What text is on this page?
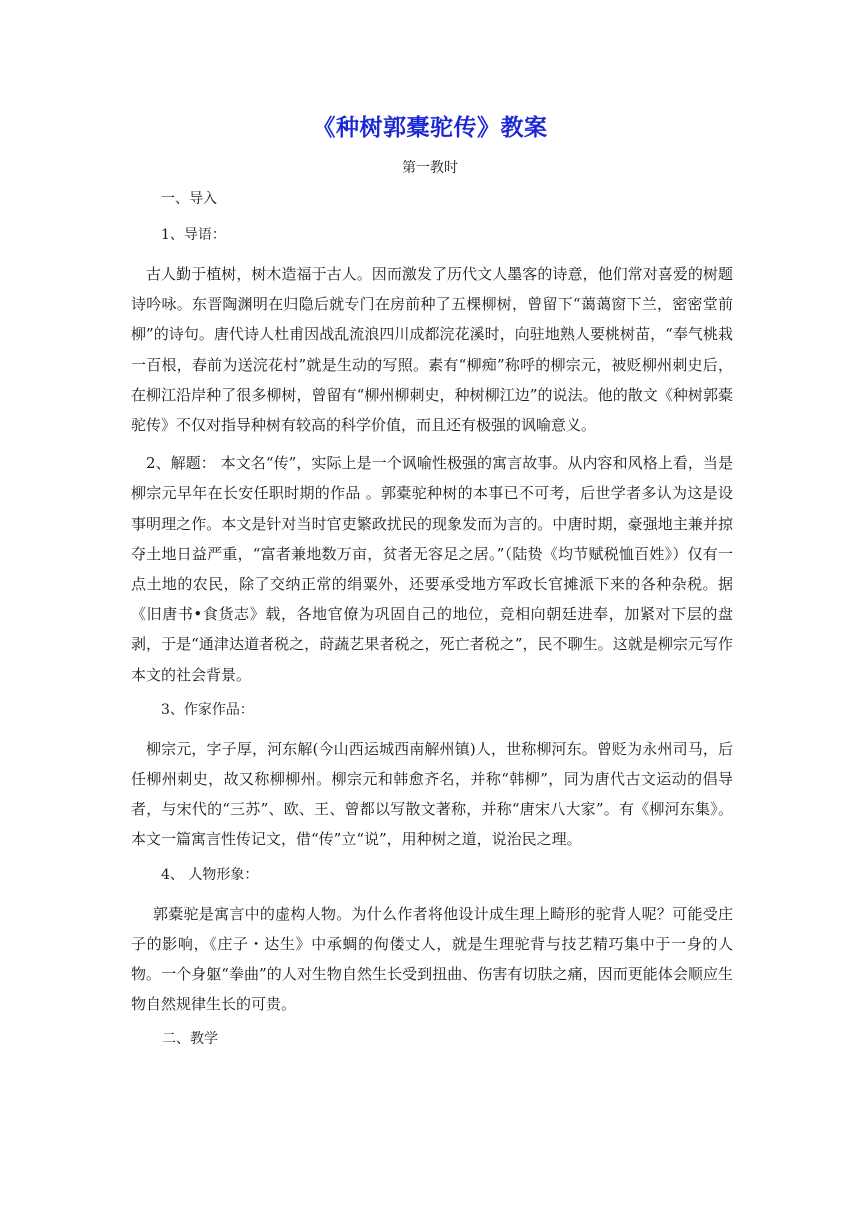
《种树郭橐驼传》教案

第一教时

一、导入

1、导语：

古人勤于植树，树木造福于古人。因而激发了历代文人墨客的诗意，他们常对喜爱的树题诗吟咏。东晋陶渊明在归隐后就专门在房前种了五棵柳树，曾留下“蔼蔼窗下兰，密密堂前柳”的诗句。唐代诗人杜甫因战乱流浪四川成都浣花溪时，向驻地熟人要桃树苗，“奉气桃栽一百根，春前为送浣花村”就是生动的写照。素有“柳痴”称呼的柳宗元，被贬柳州刺史后，在柳江沿岸种了很多柳树，曾留有“柳州柳刺史，种树柳江边”的说法。他的散文《种树郭橐驼传》不仅对指导种树有较高的科学价值，而且还有极强的讽喻意义。

2、解题： 本文名“传”，实际上是一个讽喻性极强的寓言故事。从内容和风格上看，当是柳宗元早年在长安任职时期的作品 。郭橐驼种树的本事已不可考，后世学者多认为这是设事明理之作。本文是针对当时官吏繁政扰民的现象发而为言的。中唐时期，豪强地主兼并掠夺土地日益严重，“富者兼地数万亩，贫者无容足之居。”（陆贽《均节赋税恤百姓》）仅有一点土地的农民，除了交纳正常的绢粟外，还要承受地方军政长官摊派下来的各种杂税。据《旧唐书•食货志》载，各地官僚为巩固自己的地位，竞相向朝廷进奉，加紧对下层的盘剥，于是“通津达道者税之，莳蔬艺果者税之，死亡者税之”，民不聊生。这就是柳宗元写作本文的社会背景。

3、作家作品：

柳宗元，字子厚，河东解(今山西运城西南解州镇)人，世称柳河东。曾贬为永州司马，后任柳州刺史，故又称柳柳州。柳宗元和韩愈齐名，并称“韩柳”，同为唐代古文运动的倡导者，与宋代的“三苏”、欧、王、曾都以写散文著称，并称“唐宋八大家”。有《柳河东集》。 本文一篇寓言性传记文，借“传”立“说”，用种树之道，说治民之理。

4、 人物形象：

郭橐驼是寓言中的虚构人物。为什么作者将他设计成生理上畸形的驼背人呢？可能受庄子的影响，《庄子・达生》中承蜩的佝偻丈人，就是生理驼背与技艺精巧集中于一身的人物。一个身躯“拳曲”的人对生物自然生长受到扭曲、伤害有切肤之痛，因而更能体会顺应生物自然规律生长的可贵。

二、教学
